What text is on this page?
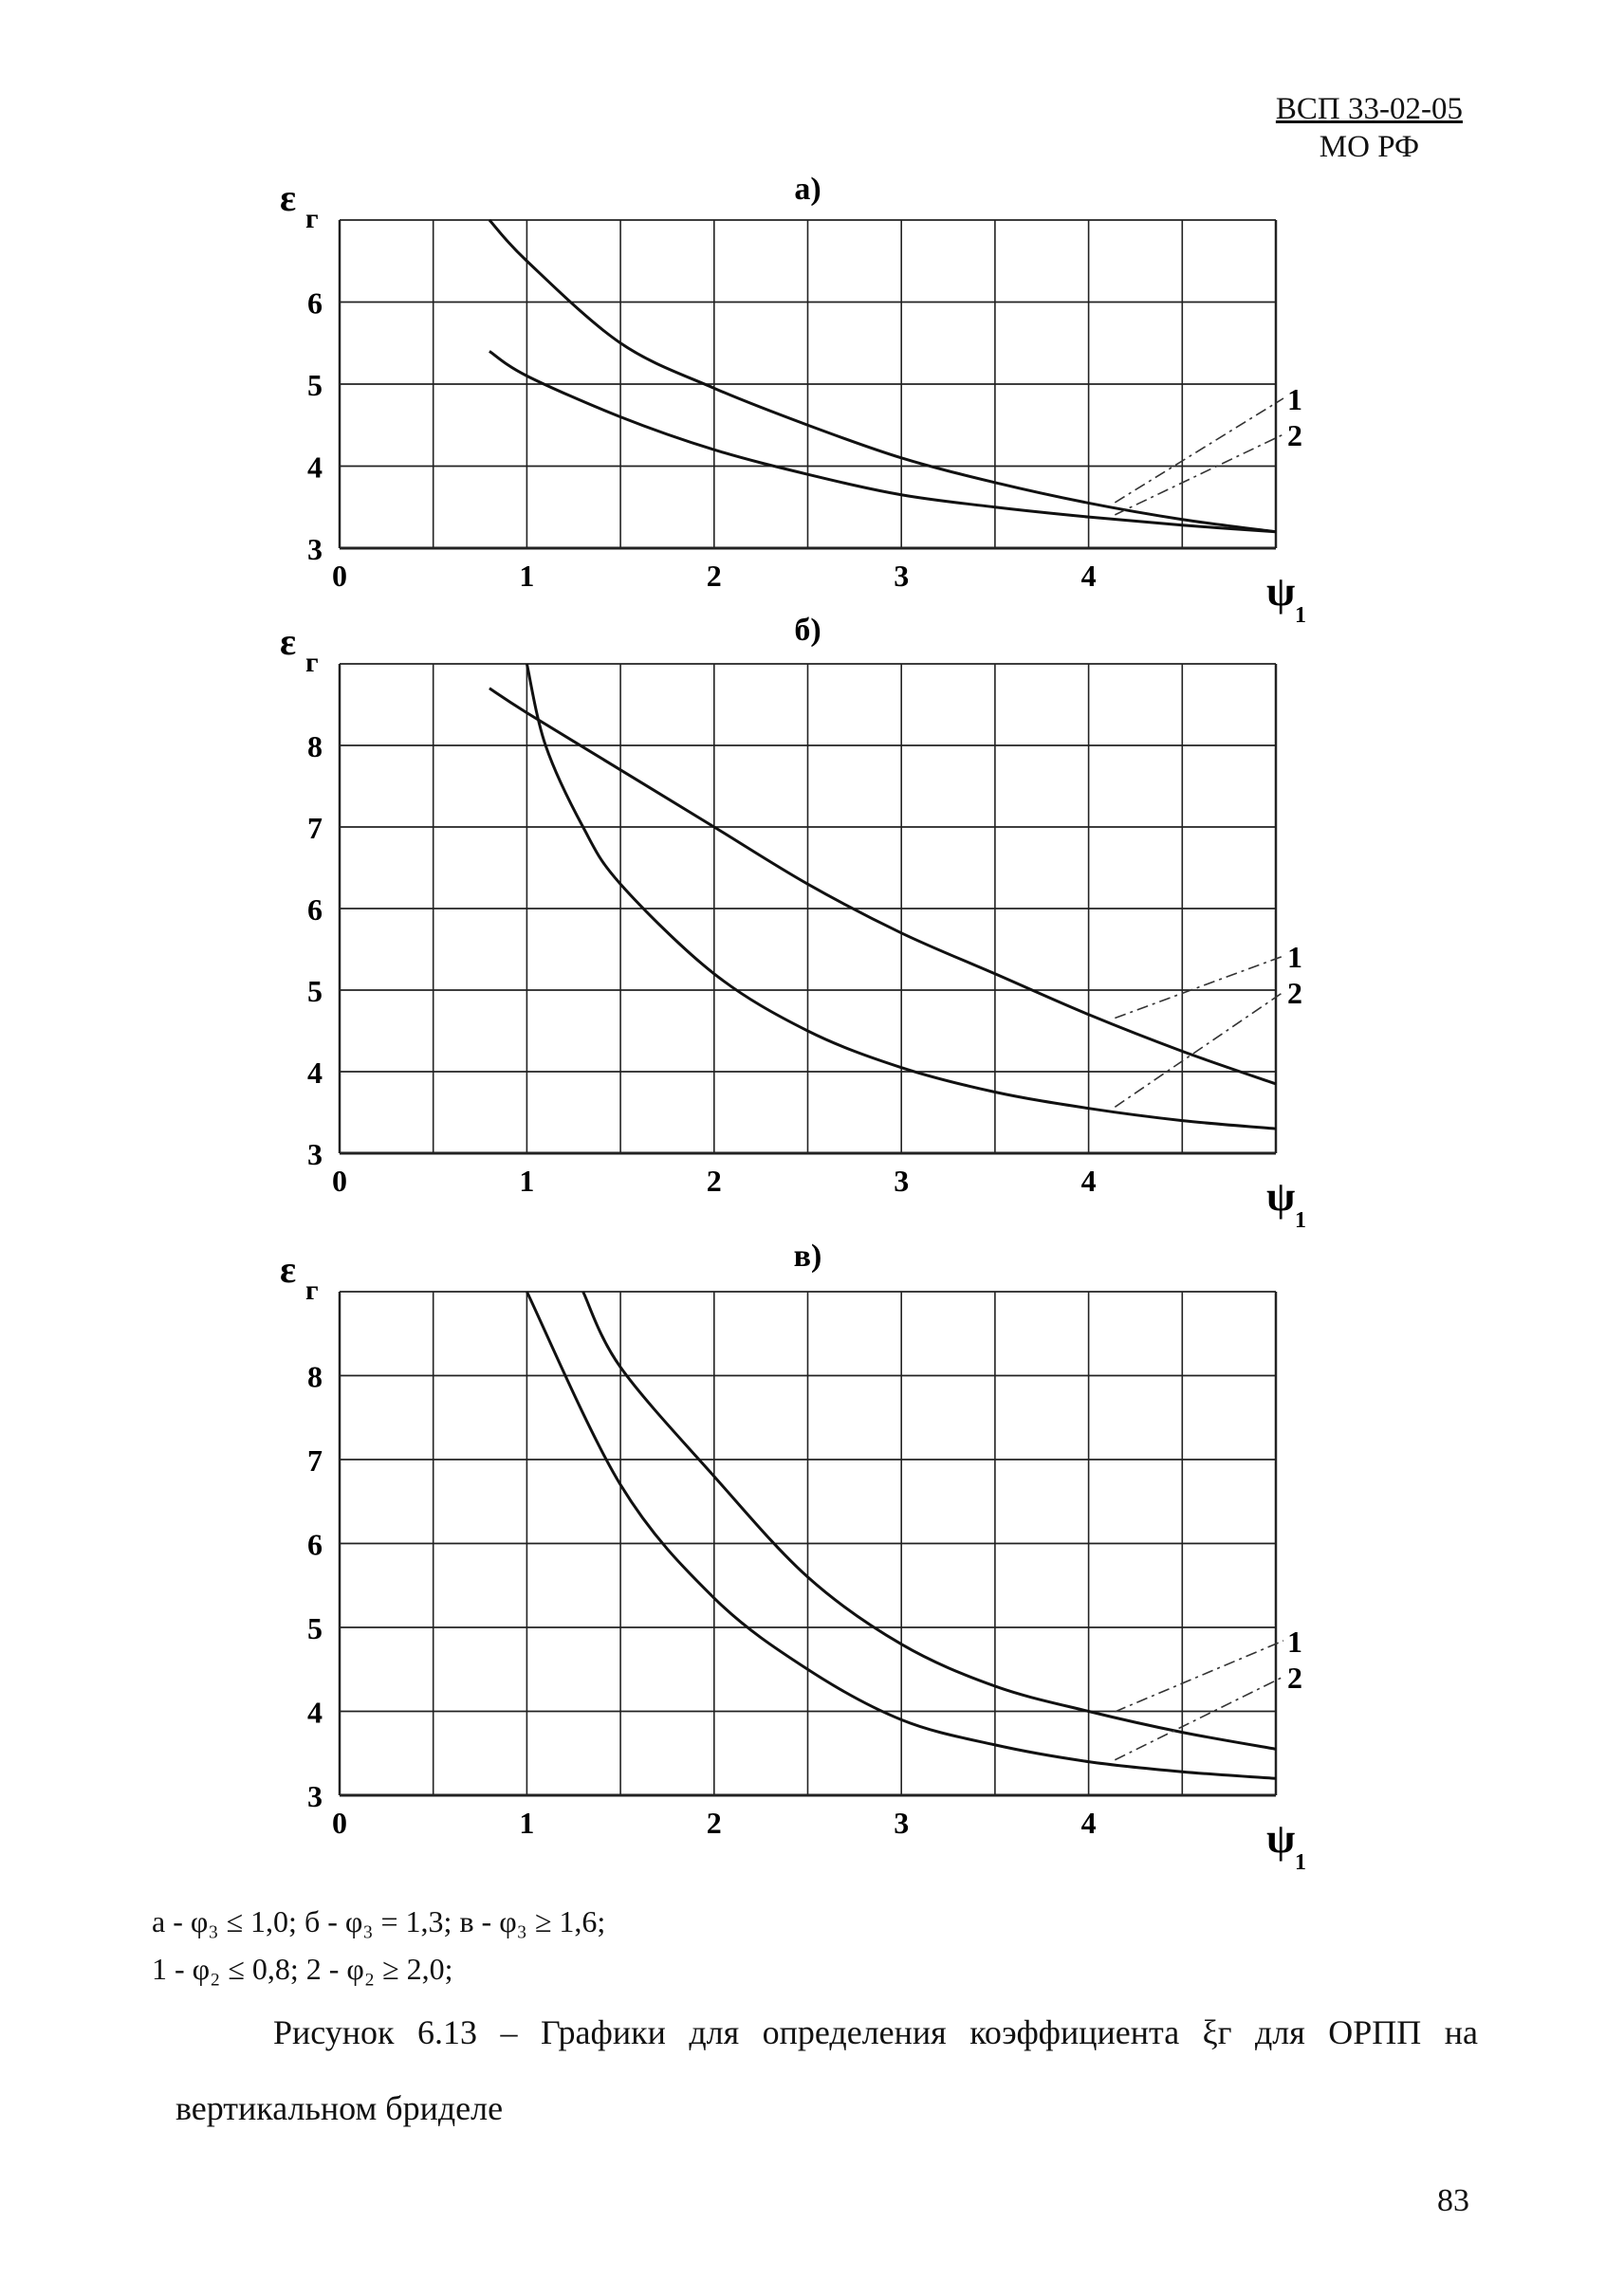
ВСП 33-02-05
МО РФ
а)
3
4
5
6
0	1	2	3	4
ε г
ψ
1
1
2
б)
3
4
5
6
7
8
0	1	2	3	4
ε г
ψ
1
1
2
в)
3
4
5
6
7
8
0	1	2	3	4
ε г
ψ
1
1
2
а - φ₃ ≤ 1,0; б - φ₃ = 1,3; в - φ₃ ≥ 1,6;
1 - φ₂ ≤ 0,8; 2 - φ₂ ≥ 2,0;
Рисунок 6.13 – Графики для определения коэффициента ξг для ОРПП на
вертикальном бриделе
83
